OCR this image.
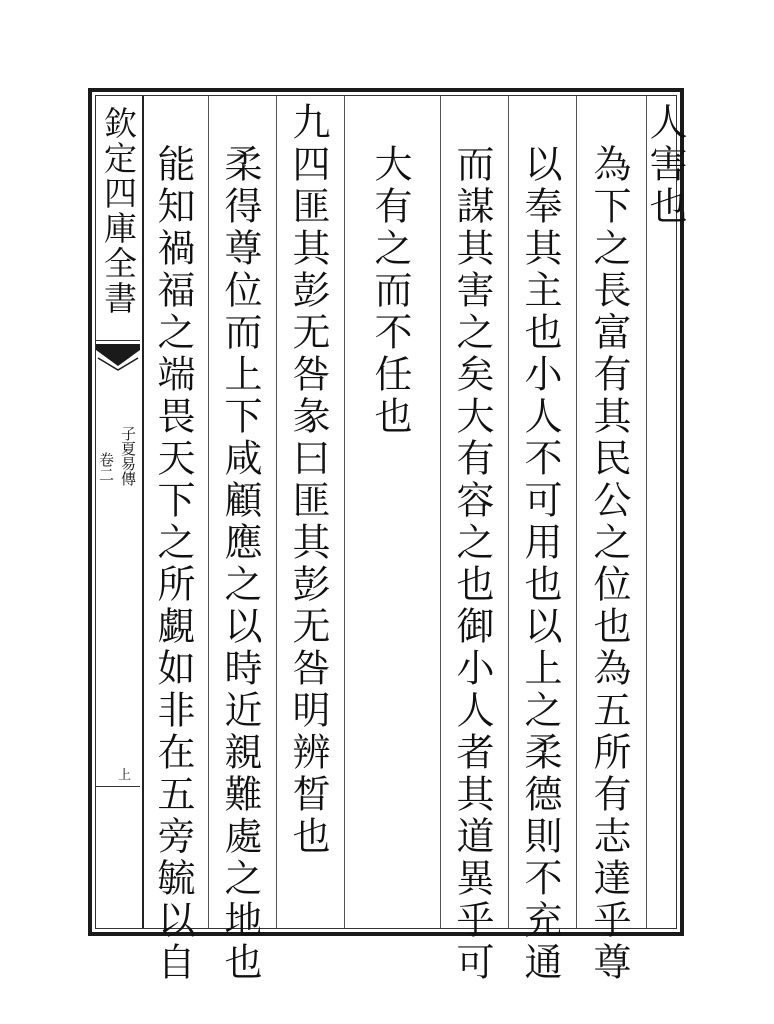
人害也
為下之長富有其民公之位也為五所有志達乎尊
以奉其主也小人不可用也以上之柔德則不充通
而謀其害之矣大有容之也御小人者其道異乎可
大有之而不任也
九四匪其彭无咎彖曰匪其彭无咎明辨晳也
柔得尊位而上下咸顧應之以時近親難處之地也
能知禍福之端畏天下之所覷如非在五旁毓以自
欽定四庫全書
子夏易傳
卷二
上
